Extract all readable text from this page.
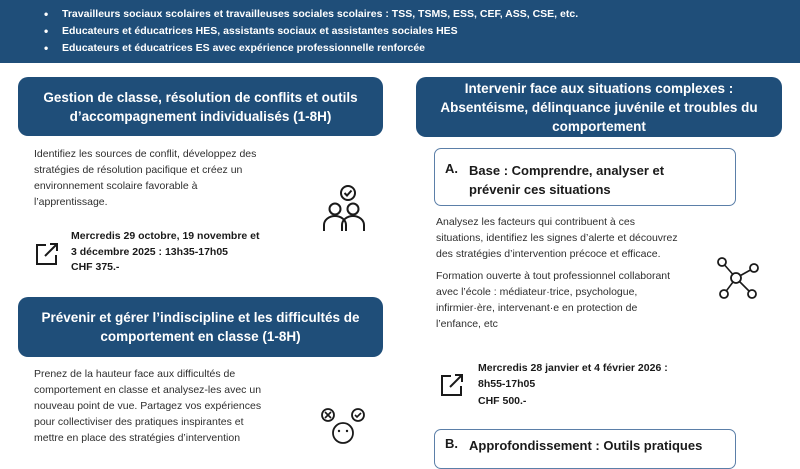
• Travailleurs sociaux scolaires et travailleuses sociales scolaires : TSS, TSMS, ESS, CEF, ASS, CSE, etc.
• Educateurs et éducatrices HES, assistants sociaux et assistantes sociales HES
• Educateurs et éducatrices ES avec expérience professionnelle renforcée
Gestion de classe, résolution de conflits et outils
d’accompagnement individualisés (1-8H)
Identifiez les sources de conflit, développez des
stratégies de résolution pacifique et créez un
environnement scolaire favorable à
l’apprentissage.
Mercredis 29 octobre, 19 novembre et
3 décembre 2025 : 13h35-17h05
CHF 375.-
Prévenir et gérer l’indiscipline et les difficultés de
comportement en classe (1-8H)
Prenez de la hauteur face aux difficultés de
comportement en classe et analysez-les avec un
nouveau point de vue. Partagez vos expériences
pour collectiviser des pratiques inspirantes et
mettre en place des stratégies d’intervention
Intervenir face aux situations complexes :
Absentéisme, délinquance juvénile et troubles du
comportement
A. Base : Comprendre, analyser et
prévenir ces situations
Analysez les facteurs qui contribuent à ces
situations, identifiez les signes d’alerte et découvrez
des stratégies d’intervention précoce et efficace.
Formation ouverte à tout professionnel collaborant
avec l’école : médiateur·trice, psychologue,
infirmier·ère, intervenant·e en protection de
l’enfance, etc
Mercredis 28 janvier et 4 février 2026 :
8h55-17h05
CHF 500.-
B. Approfondissement : Outils pratiques
